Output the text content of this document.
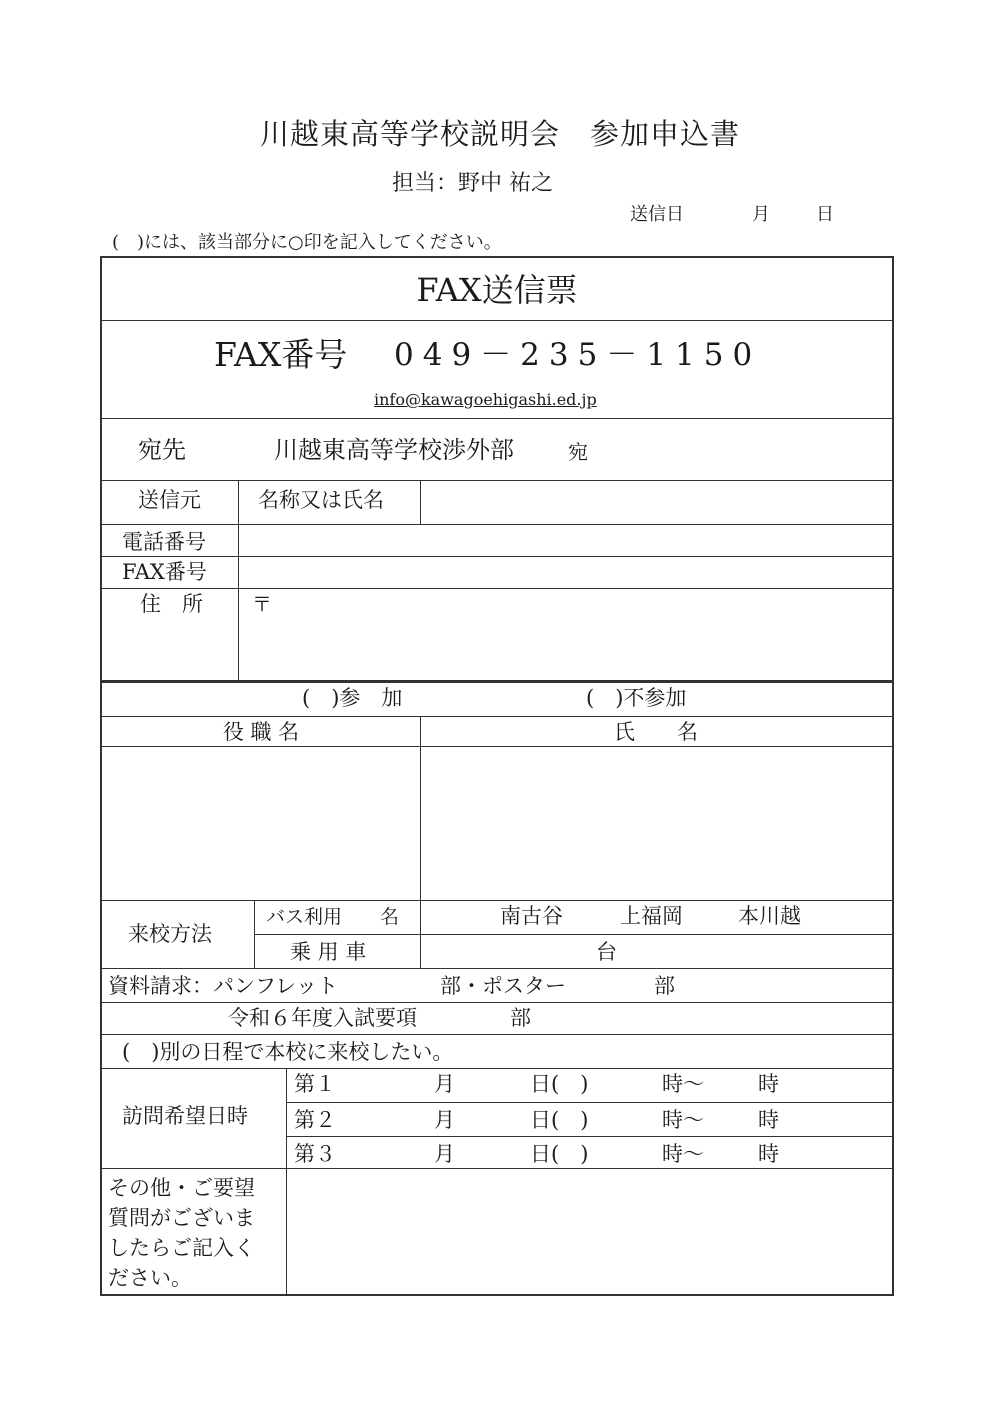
川越東高等学校説明会　参加申込書
担当：野中 祐之
送信日	月	日
(　)には、該当部分に○印を記入してください。
FAX送信票
FAX番号 049－235－1150
info@kawagoehigashi.ed.jp
宛先	川越東高等学校渉外部	宛
送信元	名称又は氏名
電話番号
FAX番号
住　所 〒
(　)参　加	(　)不参加
役 職 名	氏　　名
来校方法
バス利用　　名	南古谷	上福岡	本川越
乗 用 車	台
資料請求：パンフレット	部・ポスター	部
令和６年度入試要項	部
(　)別の日程で本校に来校したい。
訪問希望日時
第１	月	日(　)	時～	時
第２	月	日(　)	時～	時
第３	月	日(　)	時～	時
その他・ご要望
質問がございま
したらご記入く
ださい。
